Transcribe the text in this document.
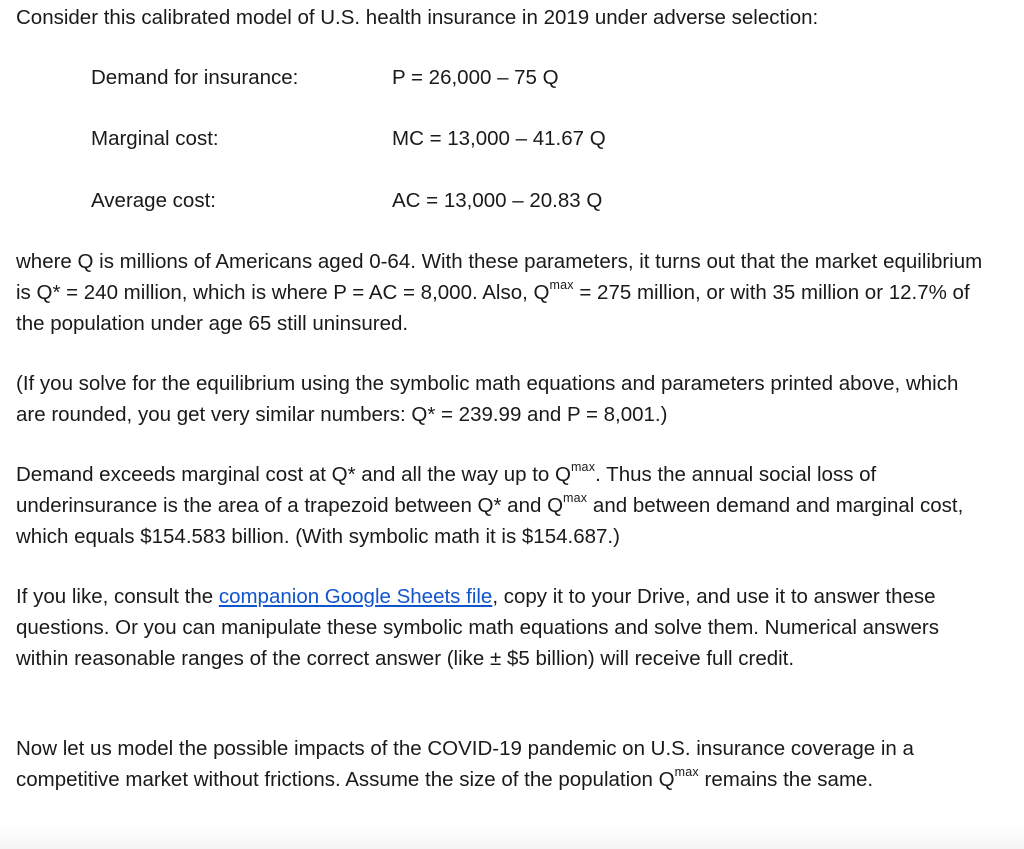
Consider this calibrated model of U.S. health insurance in 2019 under adverse selection:

Demand for insurance:	P = 26,000 – 75 Q
Marginal cost:	MC = 13,000 – 41.67 Q
Average cost:	AC = 13,000 – 20.83 Q

where Q is millions of Americans aged 0-64. With these parameters, it turns out that the market equilibrium is Q* = 240 million, which is where P = AC = 8,000. Also, $Q^{max} = 275$ million, or with 35 million or 12.7% of the population under age 65 still uninsured.

(If you solve for the equilibrium using the symbolic math equations and parameters printed above, which are rounded, you get very similar numbers: Q* = 239.99 and P = 8,001.)

Demand exceeds marginal cost at Q* and all the way up to $Q^{max}$. Thus the annual social loss of underinsurance is the area of a trapezoid between Q* and $Q^{max}$ and between demand and marginal cost, which equals $154.583 billion. (With symbolic math it is $154.687.)

If you like, consult the companion Google Sheets file, copy it to your Drive, and use it to answer these questions. Or you can manipulate these symbolic math equations and solve them. Numerical answers within reasonable ranges of the correct answer (like ± $5 billion) will receive full credit.

Now let us model the possible impacts of the COVID-19 pandemic on U.S. insurance coverage in a competitive market without frictions. Assume the size of the population $Q^{max}$ remains the same.
